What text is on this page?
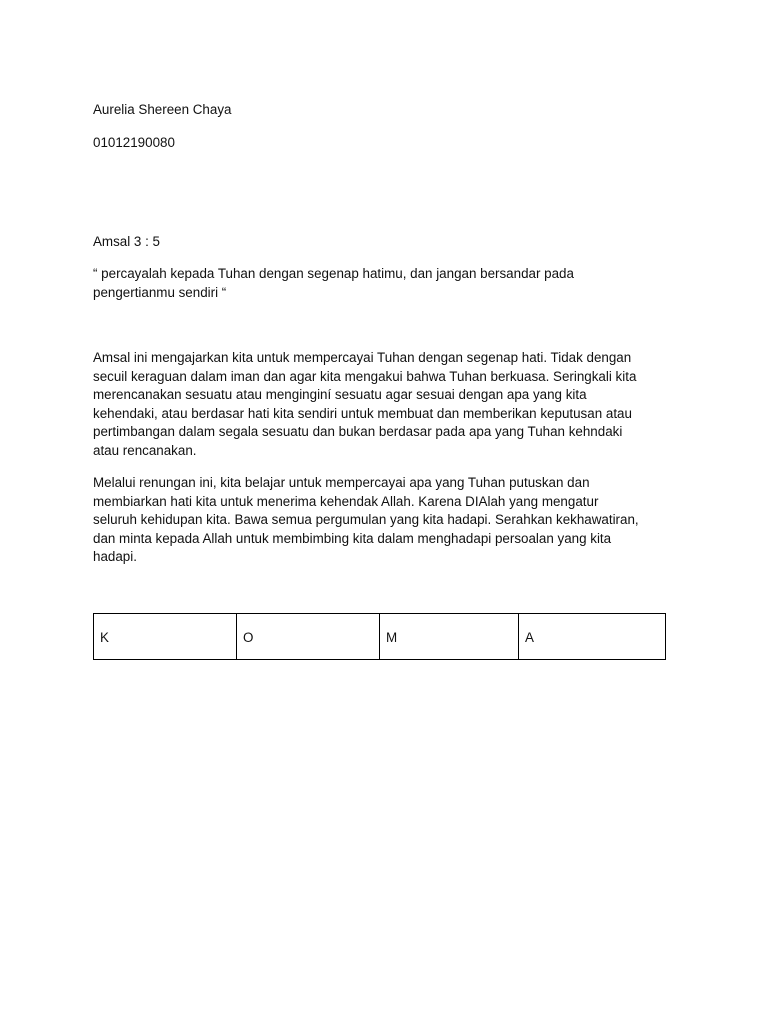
Aurelia Shereen Chaya

01012190080

Amsal 3 : 5

“ percayalah kepada Tuhan dengan segenap hatimu, dan jangan bersandar pada
pengertianmu sendiri “
Amsal ini mengajarkan kita untuk mempercayai Tuhan dengan segenap hati. Tidak dengan
secuil keraguan dalam iman dan agar kita mengakui bahwa Tuhan berkuasa. Seringkali kita
merencanakan sesuatu atau menginginí sesuatu agar sesuai dengan apa yang kita
kehendaki, atau berdasar hati kita sendiri untuk membuat dan memberikan keputusan atau
pertimbangan dalam segala sesuatu dan bukan berdasar pada apa yang Tuhan kehndaki
atau rencanakan.
Melalui renungan ini, kita belajar untuk mempercayai apa yang Tuhan putuskan dan
membiarkan hati kita untuk menerima kehendak Allah. Karena DIAlah yang mengatur
seluruh kehidupan kita. Bawa semua pergumulan yang kita hadapi. Serahkan kekhawatiran,
dan minta kepada Allah untuk membimbing kita dalam menghadapi persoalan yang kita
hadapi.
K	O	M	A
